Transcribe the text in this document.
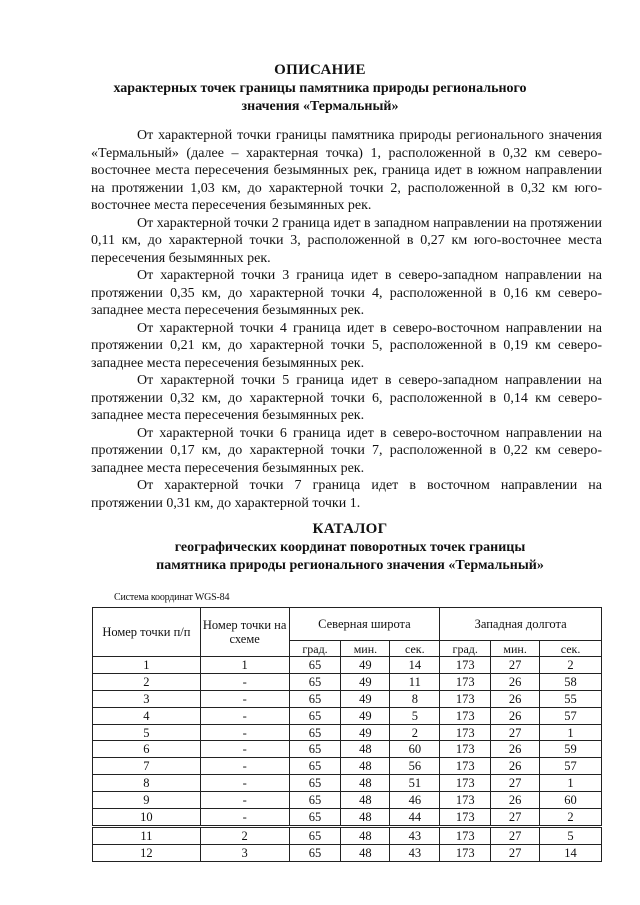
ОПИСАНИЕ

характерных точек границы памятника природы регионального

значения «Термальный»

От характерной точки границы памятника природы регионального значения «Термальный» (далее – характерная точка) 1, расположенной в 0,32 км северо-восточнее места пересечения безымянных рек, граница идет в южном направлении на протяжении 1,03 км, до характерной точки 2, расположенной в 0,32 км юго-восточнее места пересечения безымянных рек.

От характерной точки 2 граница идет в западном направлении на протяжении 0,11 км, до характерной точки 3, расположенной в 0,27 км юго-восточнее места пересечения безымянных рек.

От характерной точки 3 граница идет в северо-западном направлении на протяжении 0,35 км, до характерной точки 4, расположенной в 0,16 км северо-западнее места пересечения безымянных рек.

От характерной точки 4 граница идет в северо-восточном направлении на протяжении 0,21 км, до характерной точки 5, расположенной в 0,19 км северо-западнее места пересечения безымянных рек.

От характерной точки 5 граница идет в северо-западном направлении на протяжении 0,32 км, до характерной точки 6, расположенной в 0,14 км северо-западнее места пересечения безымянных рек.

От характерной точки 6 граница идет в северо-восточном направлении на протяжении 0,17 км, до характерной точки 7, расположенной в 0,22 км северо-западнее места пересечения безымянных рек.

От характерной точки 7 граница идет в восточном направлении на протяжении 0,31 км, до характерной точки 1.

КАТАЛОГ

географических координат поворотных точек границы

памятника природы регионального значения «Термальный»

Система координат WGS-84
Номер точки п/п	Номер точки на схеме	Северная широта			Западная долгота		
		град.	мин.	сек.	град.	мин.	сек.
1	1	65	49	14	173	27	2
2	-	65	49	11	173	26	58
3	-	65	49	8	173	26	55
4	-	65	49	5	173	26	57
5	-	65	49	2	173	27	1
6	-	65	48	60	173	26	59
7	-	65	48	56	173	26	57
8	-	65	48	51	173	27	1
9	-	65	48	46	173	26	60
10	-	65	48	44	173	27	2
11	2	65	48	43	173	27	5
12	3	65	48	43	173	27	14
